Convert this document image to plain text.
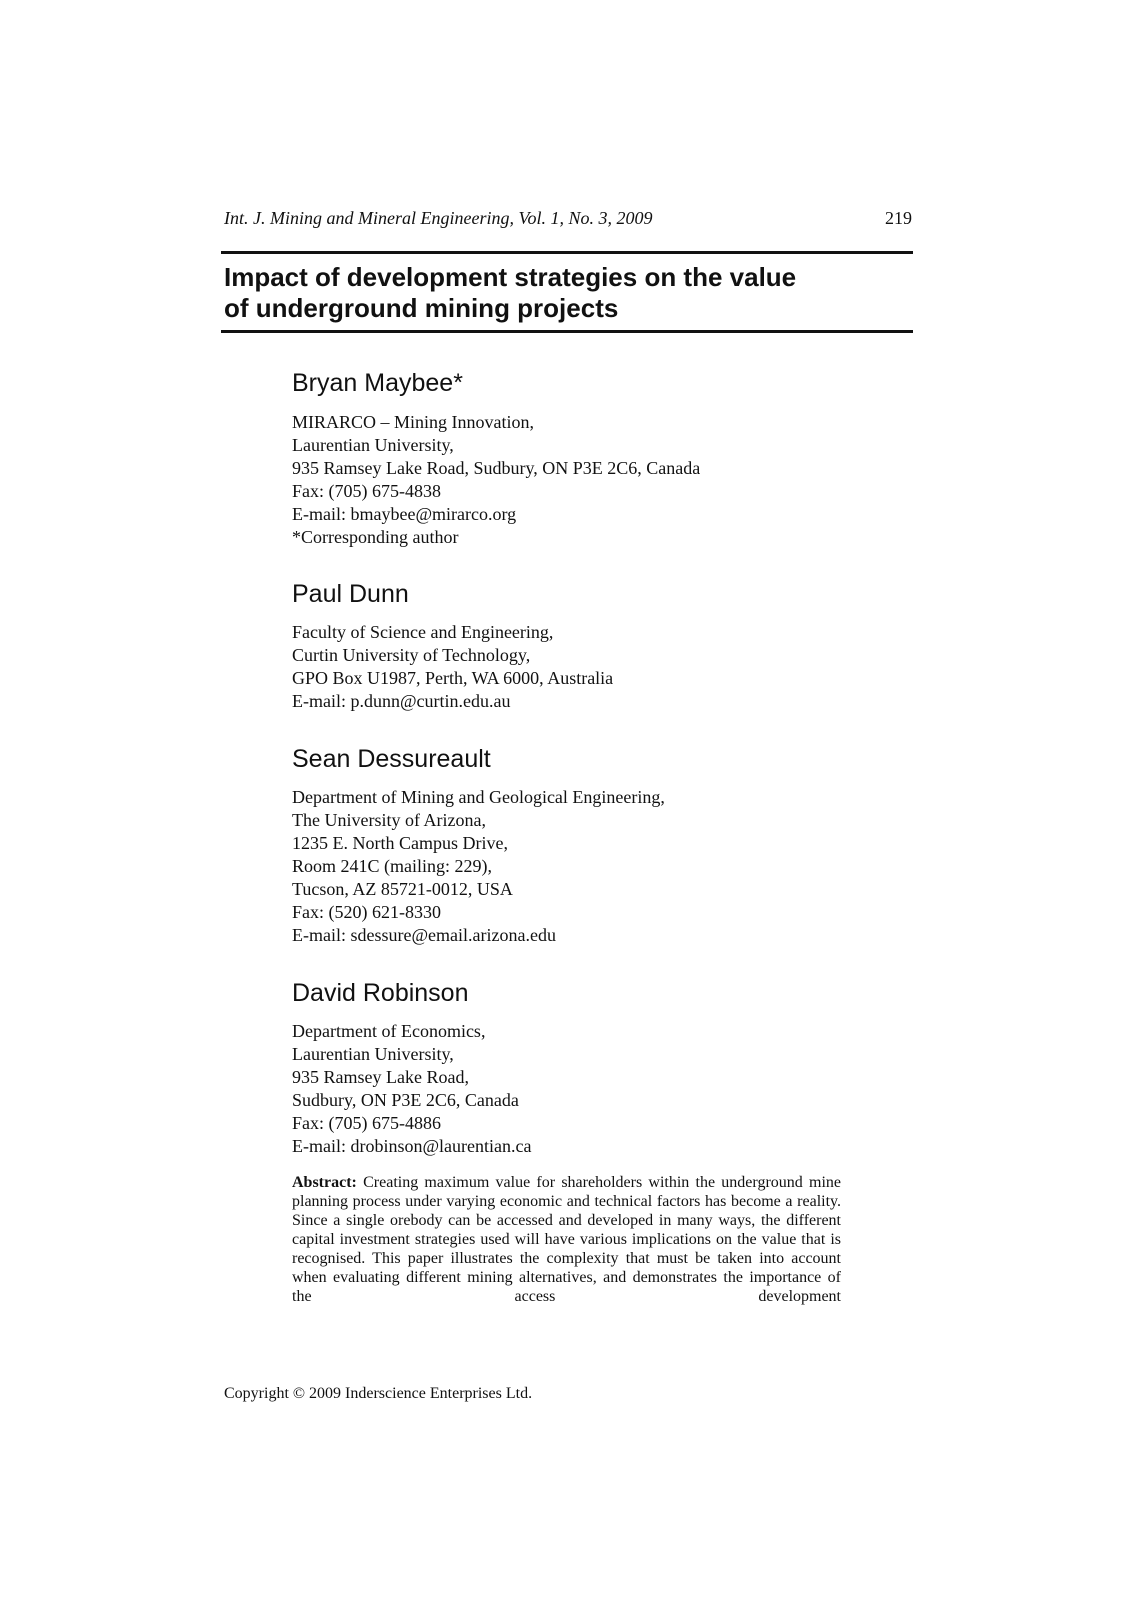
Int. J. Mining and Mineral Engineering, Vol. 1, No. 3, 2009	219
Impact of development strategies on the value
of underground mining projects
Bryan Maybee*
MIRARCO – Mining Innovation,
Laurentian University,
935 Ramsey Lake Road, Sudbury, ON P3E 2C6, Canada
Fax: (705) 675-4838
E-mail: bmaybee@mirarco.org
*Corresponding author
Paul Dunn
Faculty of Science and Engineering,
Curtin University of Technology,
GPO Box U1987, Perth, WA 6000, Australia
E-mail: p.dunn@curtin.edu.au
Sean Dessureault
Department of Mining and Geological Engineering,
The University of Arizona,
1235 E. North Campus Drive,
Room 241C (mailing: 229),
Tucson, AZ 85721-0012, USA
Fax: (520) 621-8330
E-mail: sdessure@email.arizona.edu
David Robinson
Department of Economics,
Laurentian University,
935 Ramsey Lake Road,
Sudbury, ON P3E 2C6, Canada
Fax: (705) 675-4886
E-mail: drobinson@laurentian.ca

Abstract: Creating maximum value for shareholders within the underground mine planning process under varying economic and technical factors has become a reality. Since a single orebody can be accessed and developed in many ways, the different capital investment strategies used will have various implications on the value that is recognised. This paper illustrates the complexity that must be taken into account when evaluating different mining alternatives, and demonstrates the importance of the access development

Copyright © 2009 Inderscience Enterprises Ltd.
